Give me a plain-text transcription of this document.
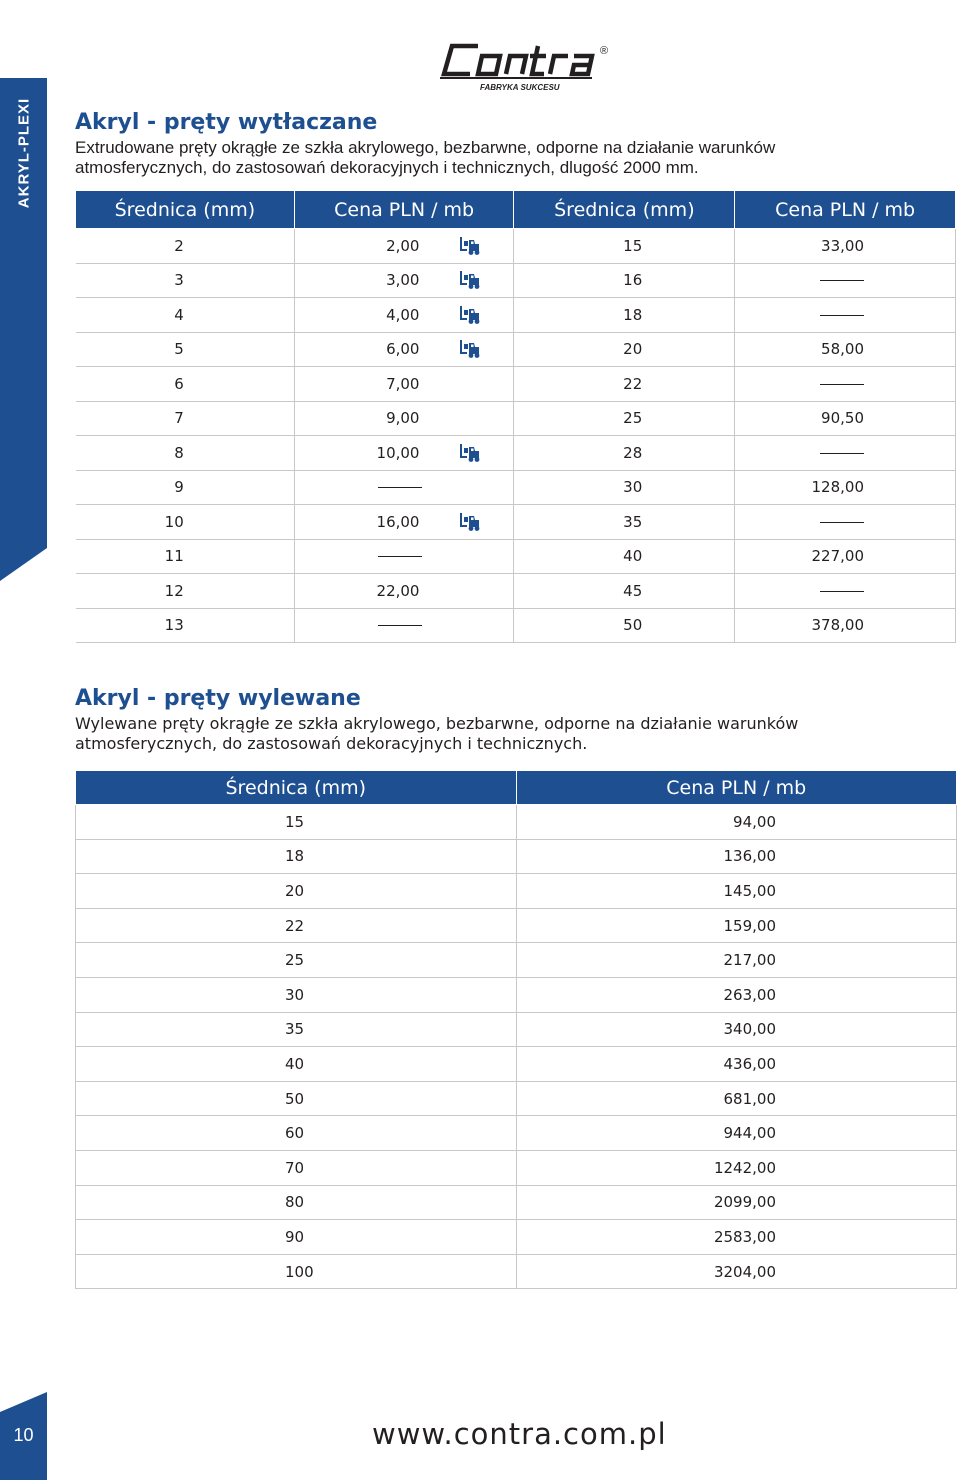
AKRYL-PLEXI
FABRYKA SUKCESU
®
Akryl - pręty wytłaczane

Extrudowane pręty okrągłe ze szkła akrylowego, bezbarwne, odporne na działanie warunków

atmosferycznych, do zastosowań dekoracyjnych i technicznych, dlugość 2000 mm.

Średnica (mm)	Cena PLN / mb	Średnica (mm)	Cena PLN / mb

2	2,00	15	33,00

3	3,00	16	

4	4,00	18	

5	6,00	20	58,00

6	7,00	22	

7	9,00	25	90,50

8	10,00	28	

9		30	128,00

10	16,00	35	

11		40	227,00

12	22,00	45	

13		50	378,00
Akryl - pręty wylewane

Wylewane pręty okrągłe ze szkła akrylowego, bezbarwne, odporne na działanie warunków

atmosferycznych, do zastosowań dekoracyjnych i technicznych.

Średnica (mm)	Cena PLN / mb

15	94,00

18	136,00

20	145,00

22	159,00

25	217,00

30	263,00

35	340,00

40	436,00

50	681,00

60	944,00

70	1242,00

80	2099,00

90	2583,00

100	3204,00
10	www.contra.com.pl
